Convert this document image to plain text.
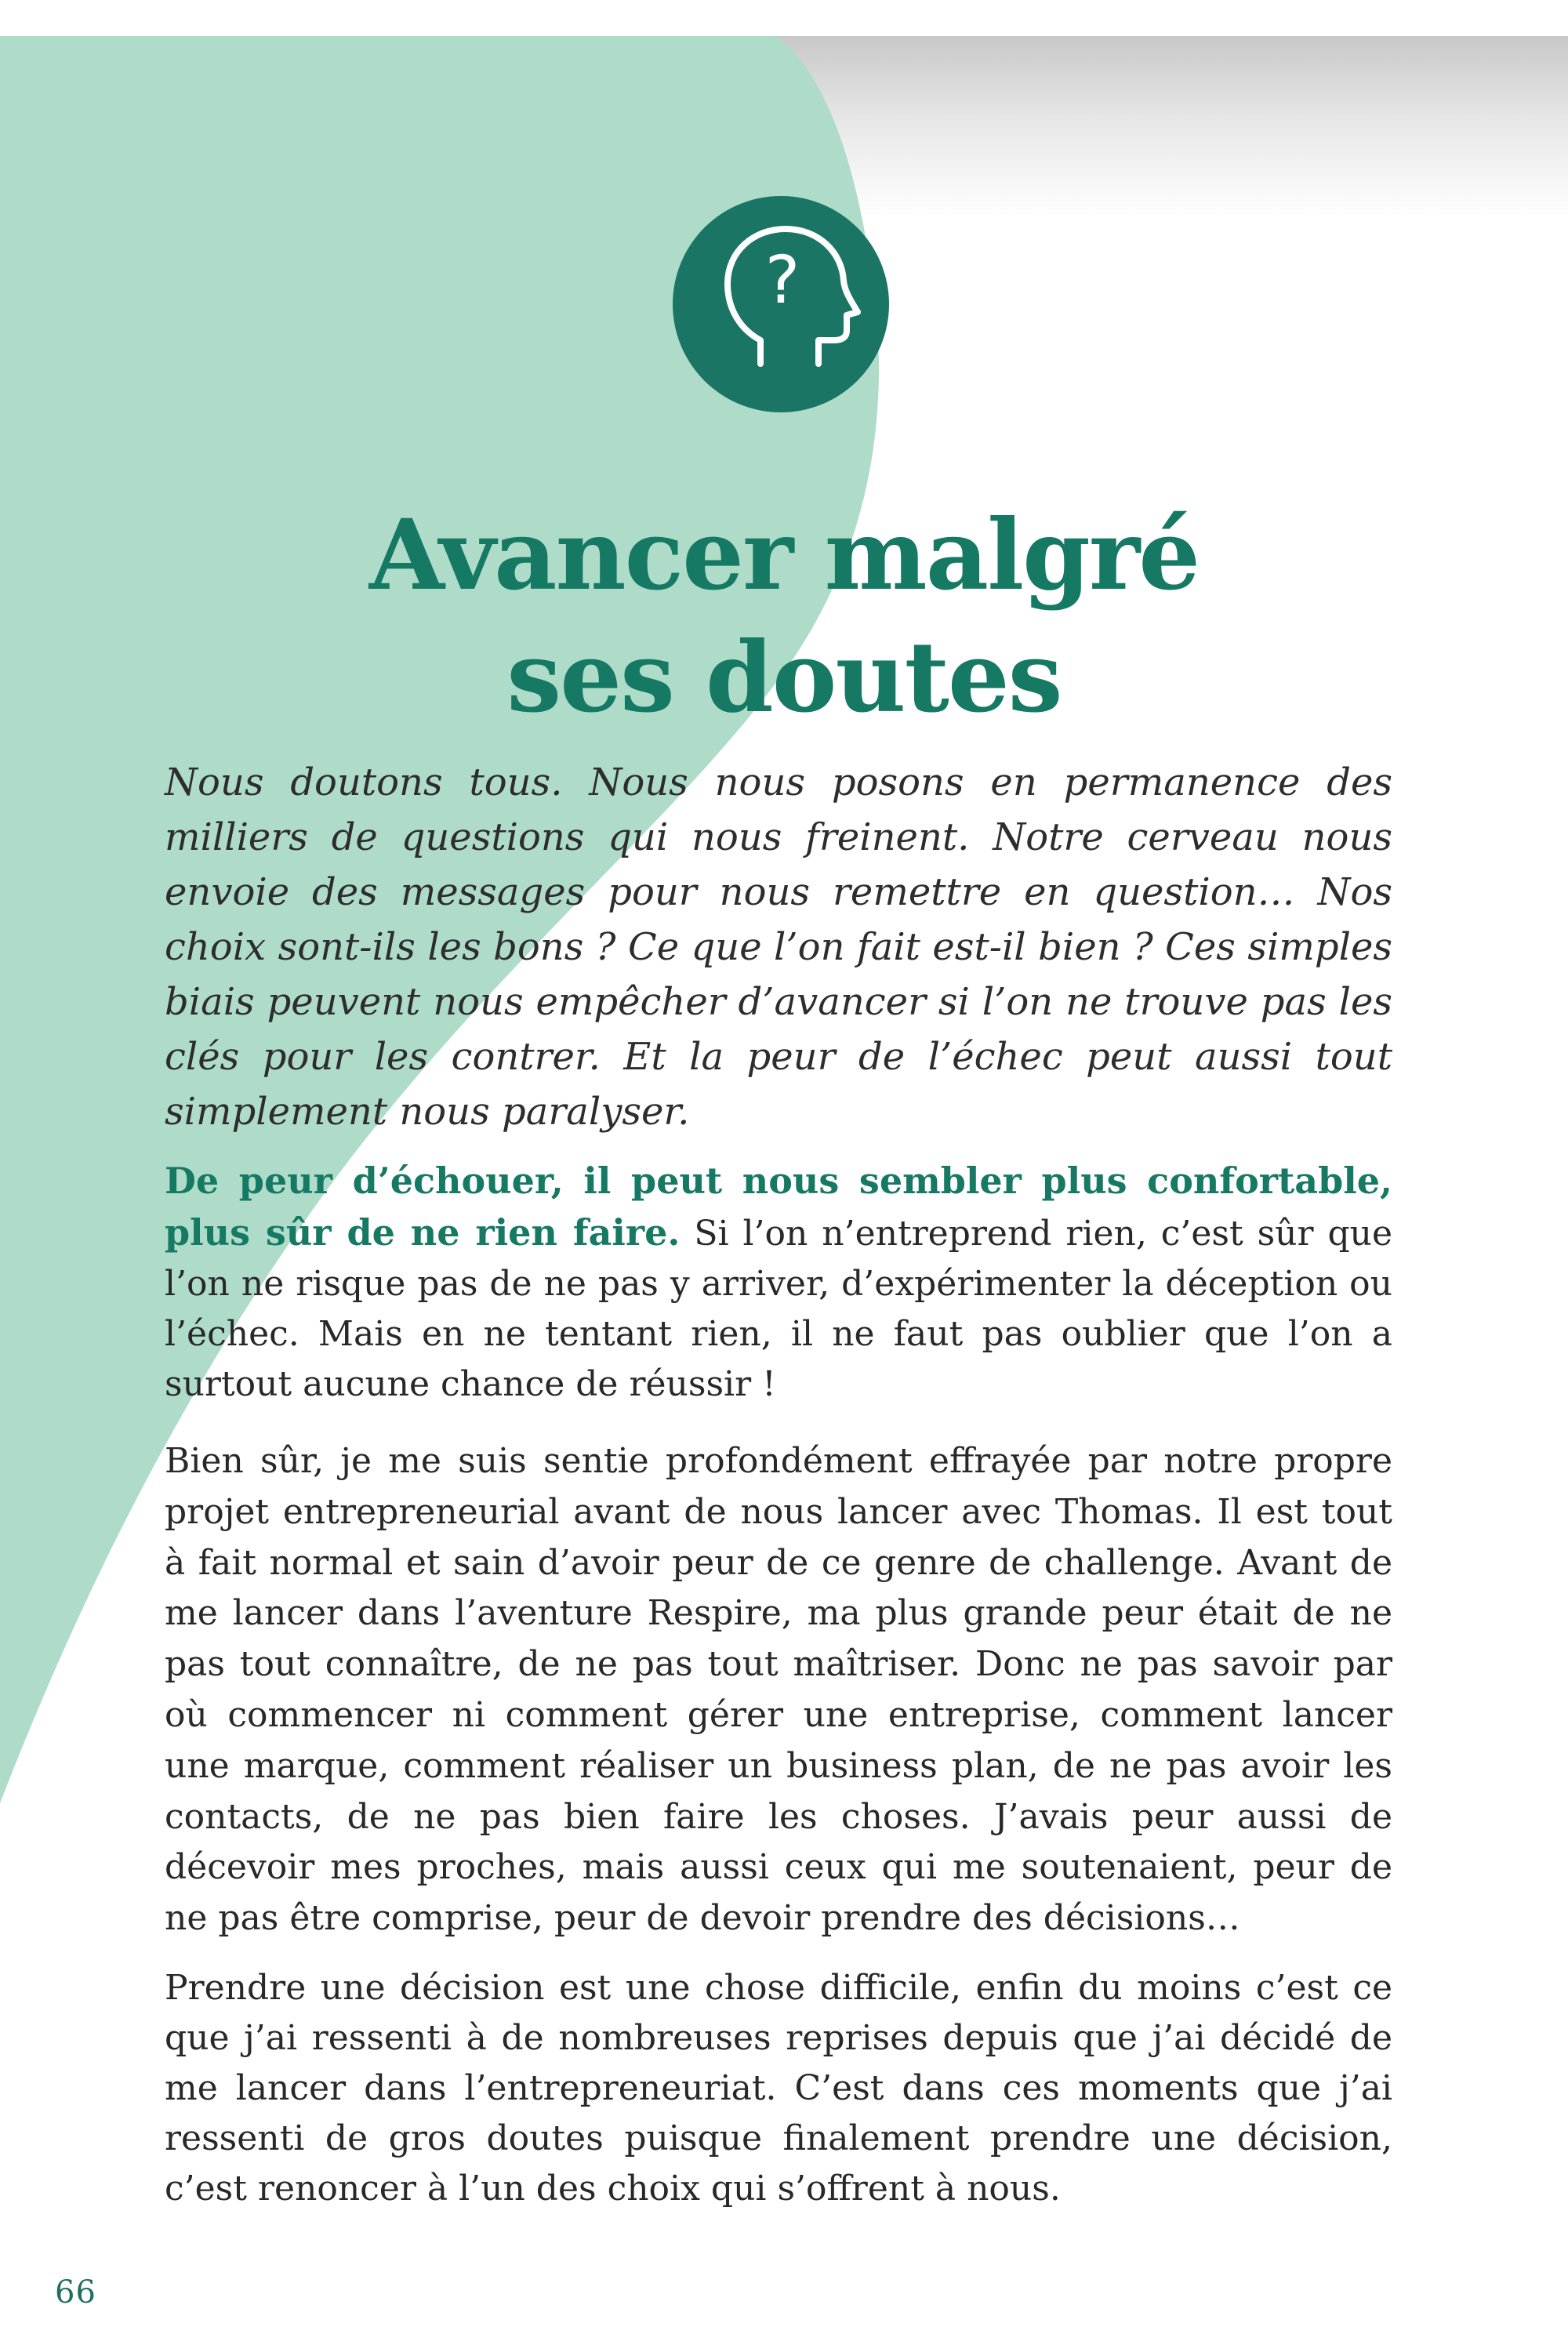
?
Avancer malgré
ses doutes

Nous doutons tous. Nous nous posons en permanence des milliers de questions qui nous freinent. Notre cerveau nous envoie des messages pour nous remettre en question… Nos choix sont-ils les bons ? Ce que l’on fait est-il bien ? Ces simples biais peuvent nous empêcher d’avancer si l’on ne trouve pas les clés pour les contrer. Et la peur de l’échec peut aussi tout simplement nous paralyser.

De peur d’échouer, il peut nous sembler plus confortable, plus sûr de ne rien faire. Si l’on n’entreprend rien, c’est sûr que l’on ne risque pas de ne pas y arriver, d’expérimenter la déception ou l’échec. Mais en ne tentant rien, il ne faut pas oublier que l’on a surtout aucune chance de réussir !

Bien sûr, je me suis sentie profondément effrayée par notre propre projet entrepreneurial avant de nous lancer avec Thomas. Il est tout à fait normal et sain d’avoir peur de ce genre de challenge. Avant de me lancer dans l’aventure Respire, ma plus grande peur était de ne pas tout connaître, de ne pas tout maîtriser. Donc ne pas savoir par où commencer ni comment gérer une entreprise, comment lancer une marque, comment réaliser un business plan, de ne pas avoir les contacts, de ne pas bien faire les choses. J’avais peur aussi de décevoir mes proches, mais aussi ceux qui me soutenaient, peur de ne pas être comprise, peur de devoir prendre des décisions…

Prendre une décision est une chose difficile, enfin du moins c’est ce que j’ai ressenti à de nombreuses reprises depuis que j’ai décidé de me lancer dans l’entrepreneuriat. C’est dans ces moments que j’ai ressenti de gros doutes puisque finalement prendre une décision, c’est renoncer à l’un des choix qui s’offrent à nous.

66
